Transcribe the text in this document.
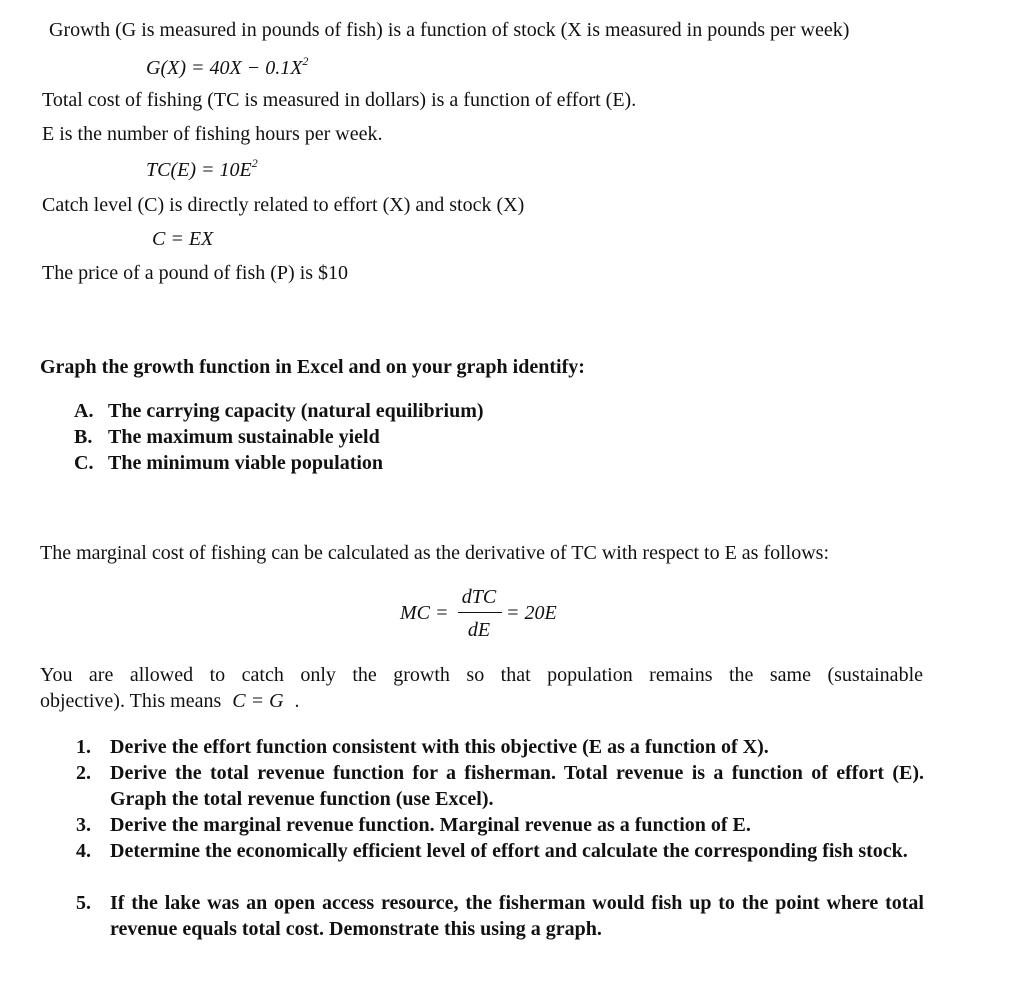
Growth (G is measured in pounds of fish) is a function of stock (X is measured in pounds per week)
$G(X) = 40X - 0.1X^2$
Total cost of fishing (TC is measured in dollars) is a function of effort (E).
E is the number of fishing hours per week.
$TC(E) = 10E^2$
Catch level (C) is directly related to effort (X) and stock (X)
C = EX
The price of a pound of fish (P) is $10
Graph the growth function in Excel and on your graph identify:
A. The carrying capacity (natural equilibrium)
B. The maximum sustainable yield
C. The minimum viable population
The marginal cost of fishing can be calculated as the derivative of TC with respect to E as follows:
MC =
dTC
dE
= 20E
You are allowed to catch only the growth so that population remains the same (sustainable
objective). This means C = G .
1. Derive the effort function consistent with this objective (E as a function of X).
2. Derive the total revenue function for a fisherman. Total revenue is a function of effort (E). Graph the total revenue function (use Excel).
3. Derive the marginal revenue function. Marginal revenue as a function of E.
4. Determine the economically efficient level of effort and calculate the corresponding fish stock.
5. If the lake was an open access resource, the fisherman would fish up to the point where total revenue equals total cost. Demonstrate this using a graph.
